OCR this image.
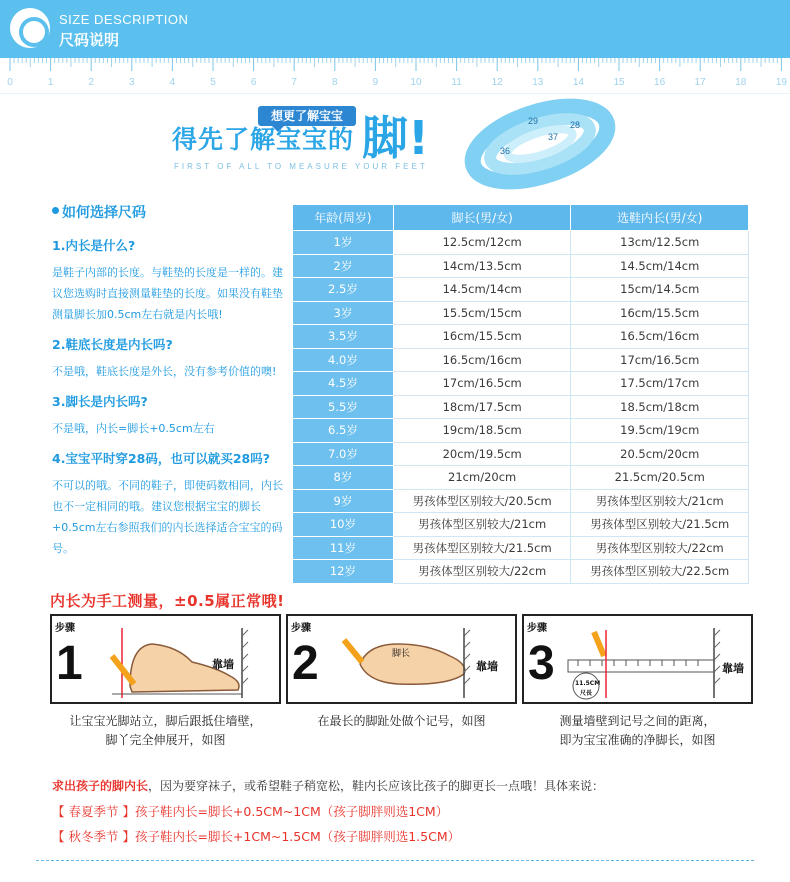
SIZE DESCRIPTION
尺码说明
0	1	2	3	4	5	6	7	8	9	10	11	12	13	14	15	16	17	18	19
想更了解宝宝
得先了解宝宝的 脚!
FIRST OF ALL TO MEASURE YOUR FEET
29
37
28
36
如何选择尺码
1.内长是什么?
是鞋子内部的长度。与鞋垫的长度是一样的。建议您选购时直接测量鞋垫的长度。如果没有鞋垫测量脚长加0.5cm左右就是内长哦!
2.鞋底长度是内长吗?
不是哦，鞋底长度是外长，没有参考价值的噢!
3.脚长是内长吗?
不是哦，内长=脚长+0.5cm左右
4.宝宝平时穿28码，也可以就买28吗?
不可以的哦。不同的鞋子，即使码数相同，内长也不一定相同的哦。建议您根据宝宝的脚长+0.5cm左右参照我们的内长选择适合宝宝的码号。
年龄(周岁)	脚长(男/女)	选鞋内长(男/女)
1岁	12.5cm/12cm	13cm/12.5cm
2岁	14cm/13.5cm	14.5cm/14cm
2.5岁	14.5cm/14cm	15cm/14.5cm
3岁	15.5cm/15cm	16cm/15.5cm
3.5岁	16cm/15.5cm	16.5cm/16cm
4.0岁	16.5cm/16cm	17cm/16.5cm
4.5岁	17cm/16.5cm	17.5cm/17cm
5.5岁	18cm/17.5cm	18.5cm/18cm
6.5岁	19cm/18.5cm	19.5cm/19cm
7.0岁	20cm/19.5cm	20.5cm/20cm
8岁	21cm/20cm	21.5cm/20.5cm
9岁	男孩体型区别较大/20.5cm	男孩体型区别较大/21cm
10岁	男孩体型区别较大/21cm	男孩体型区别较大/21.5cm
11岁	男孩体型区别较大/21.5cm	男孩体型区别较大/22cm
12岁	男孩体型区别较大/22cm	男孩体型区别较大/22.5cm
内长为手工测量，±0.5属正常哦!
步骤
1	靠墙
让宝宝光脚站立，脚后跟抵住墙壁，
脚丫完全伸展开，如图
步骤
2	脚长
靠墙
在最长的脚趾处做个记号，如图
步骤
3	11.5CM
尺長
靠墙
测量墙壁到记号之间的距离，
即为宝宝准确的净脚长，如图
求出孩子的脚内长，因为要穿袜子，或希望鞋子稍宽松，鞋内长应该比孩子的脚更长一点哦！具体来说：
【 春夏季节 】孩子鞋内长=脚长+0.5CM~1CM（孩子脚胖则选1CM）
【 秋冬季节 】孩子鞋内长=脚长+1CM~1.5CM（孩子脚胖则选1.5CM）
